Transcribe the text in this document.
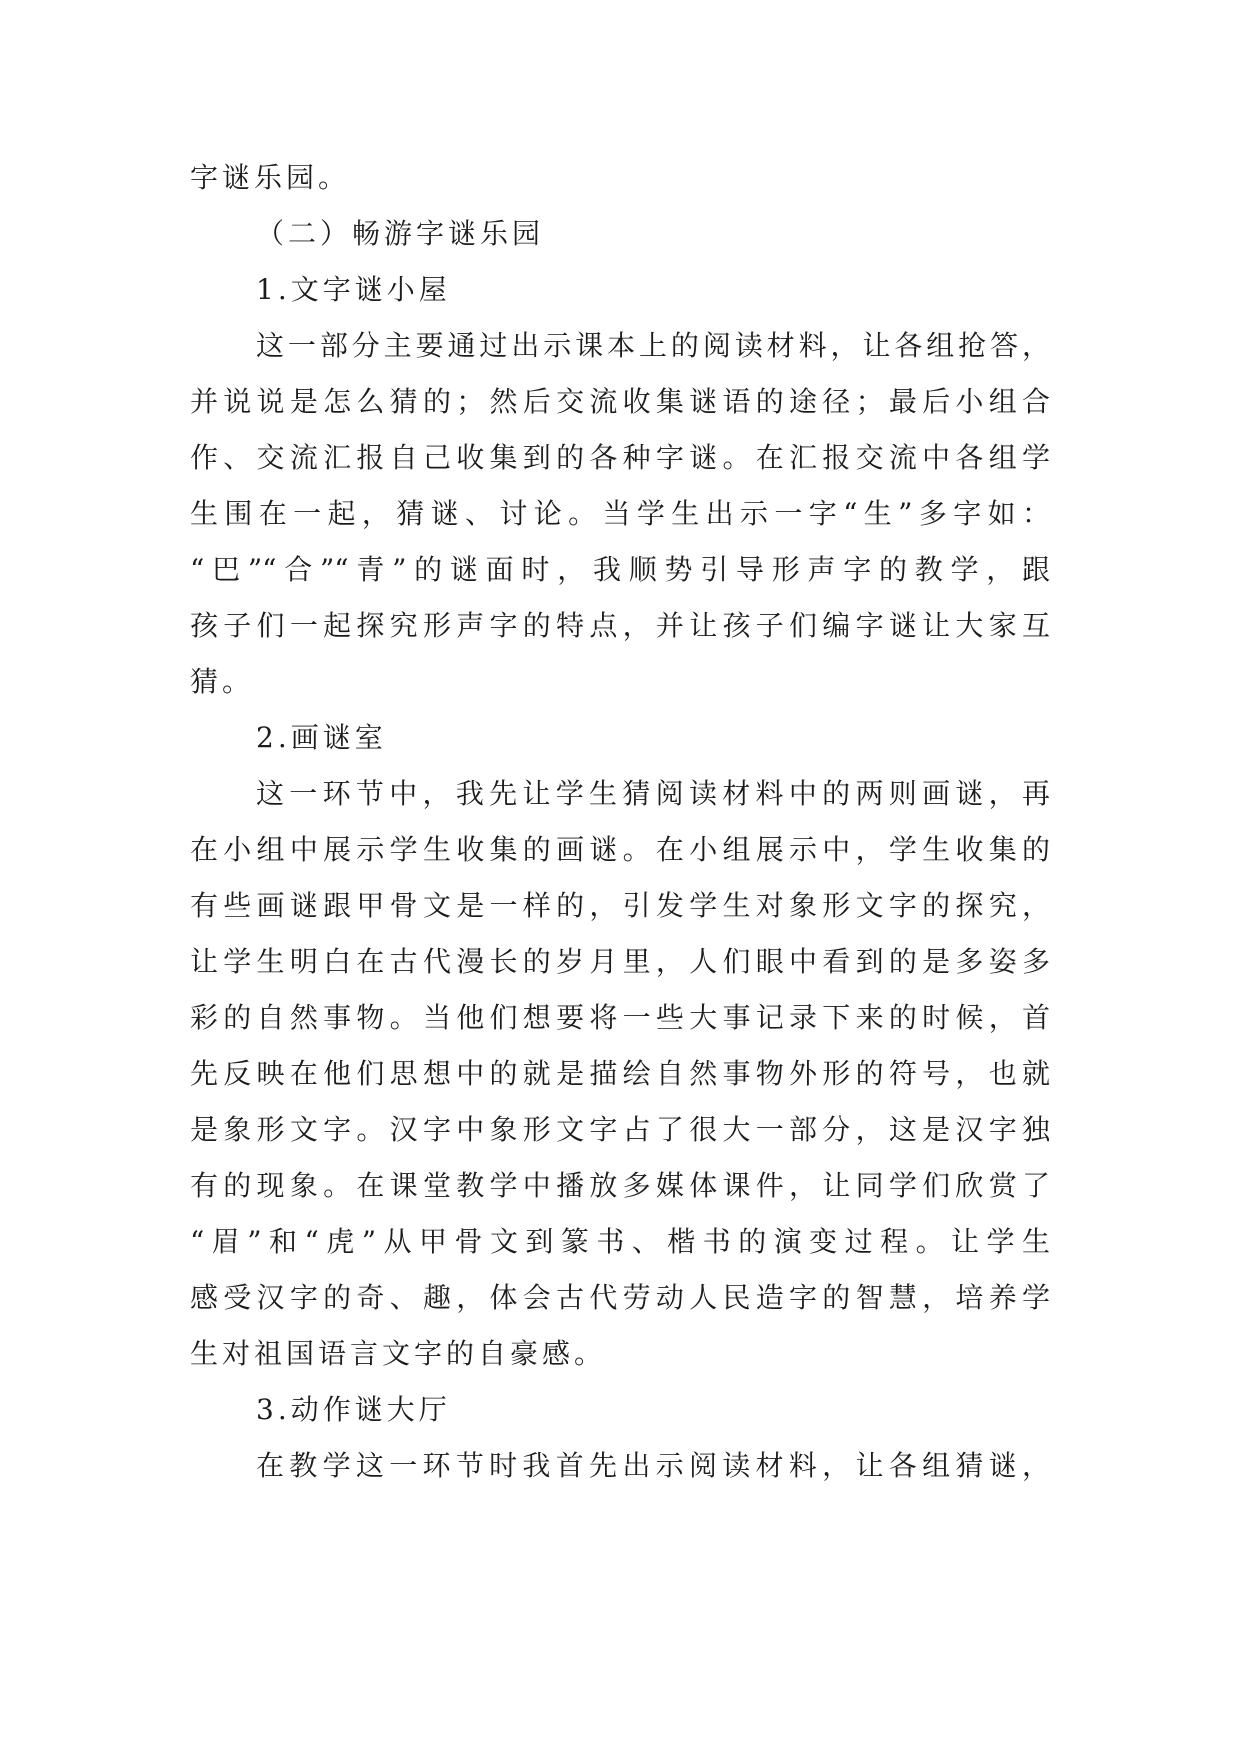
字谜乐园。
（二）畅游字谜乐园
1.文字谜小屋
这一部分主要通过出示课本上的阅读材料，让各组抢答，
并说说是怎么猜的；然后交流收集谜语的途径；最后小组合
作、交流汇报自己收集到的各种字谜。在汇报交流中各组学
生围在一起，猜谜、讨论。当学生出示一字“生”多字如：
“巴”“合”“青”的谜面时，我顺势引导形声字的教学，跟
孩子们一起探究形声字的特点，并让孩子们编字谜让大家互
猜。
2.画谜室
这一环节中，我先让学生猜阅读材料中的两则画谜，再
在小组中展示学生收集的画谜。在小组展示中，学生收集的
有些画谜跟甲骨文是一样的，引发学生对象形文字的探究，
让学生明白在古代漫长的岁月里，人们眼中看到的是多姿多
彩的自然事物。当他们想要将一些大事记录下来的时候，首
先反映在他们思想中的就是描绘自然事物外形的符号，也就
是象形文字。汉字中象形文字占了很大一部分，这是汉字独
有的现象。在课堂教学中播放多媒体课件，让同学们欣赏了
“眉”和“虎”从甲骨文到篆书、楷书的演变过程。让学生
感受汉字的奇、趣，体会古代劳动人民造字的智慧，培养学
生对祖国语言文字的自豪感。
3.动作谜大厅
在教学这一环节时我首先出示阅读材料，让各组猜谜，
